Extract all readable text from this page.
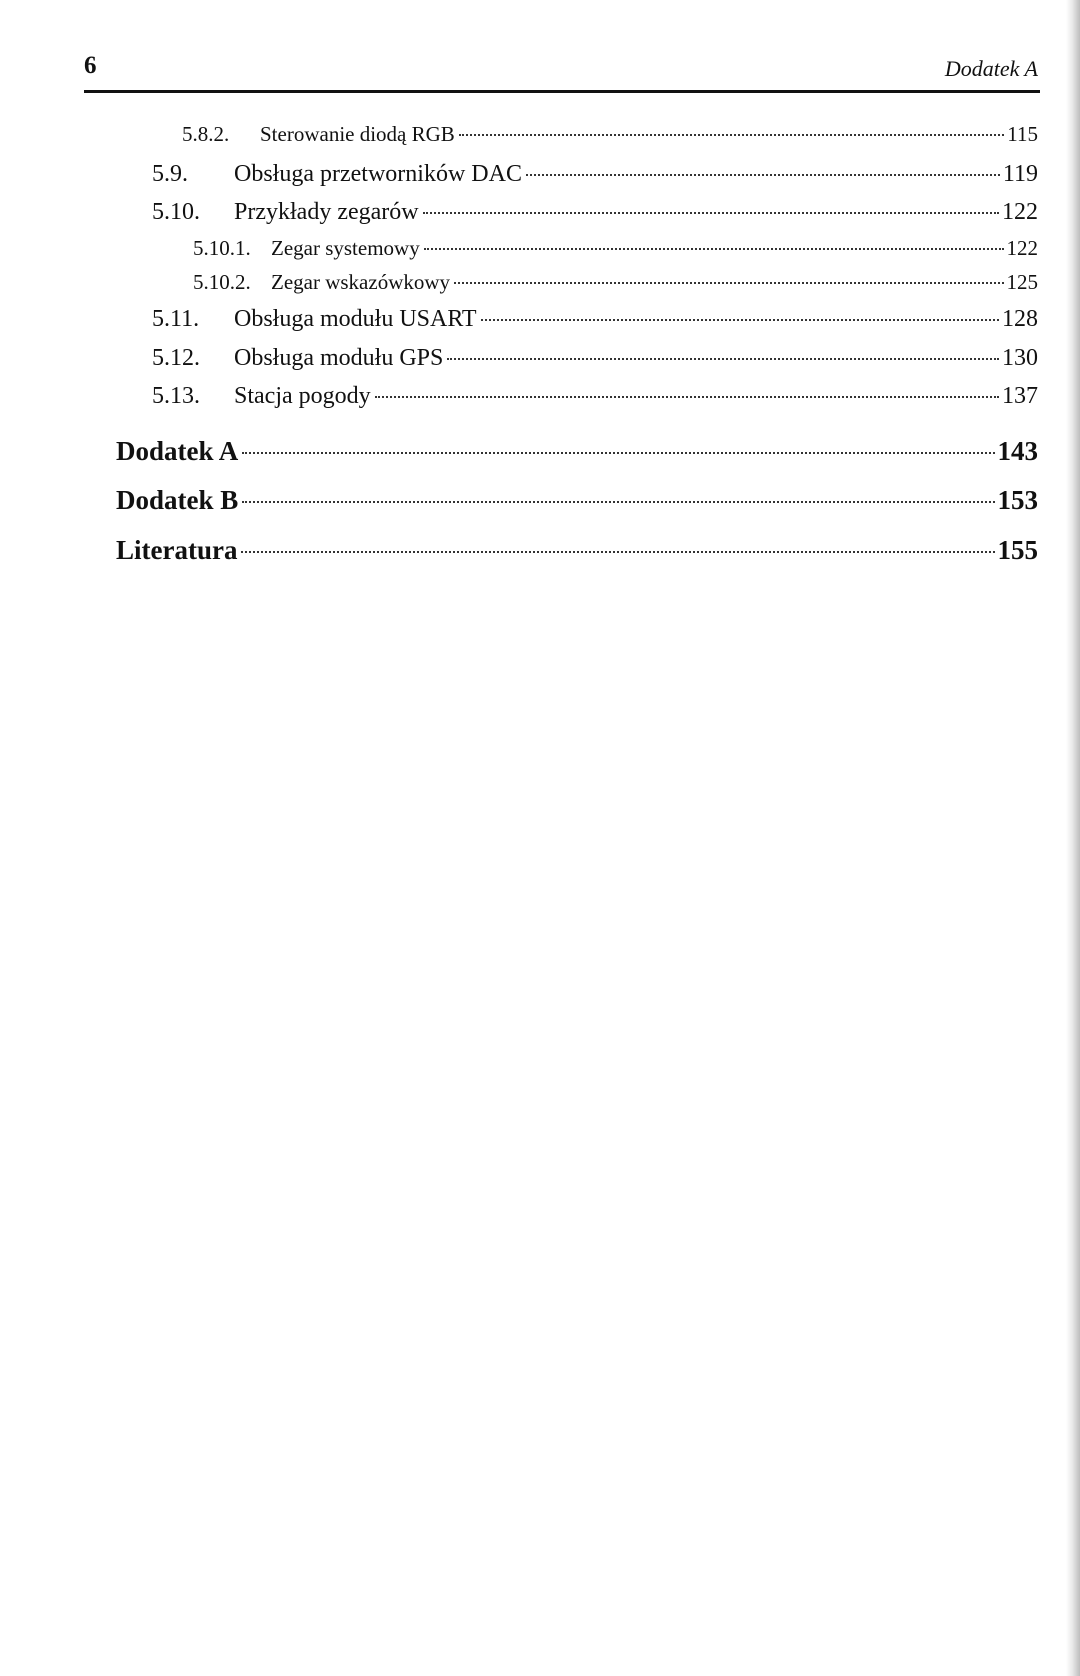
6	Dodatek A
5.8.2.	Sterowanie diodą RGB	115
5.9.	Obsługa przetworników DAC	119
5.10.	Przykłady zegarów	122
5.10.1. Zegar systemowy	122
5.10.2. Zegar wskazówkowy	125
5.11.	Obsługa modułu USART	128
5.12.	Obsługa modułu GPS	130
5.13.	Stacja pogody	137
Dodatek A	143
Dodatek B	153
Literatura	155
